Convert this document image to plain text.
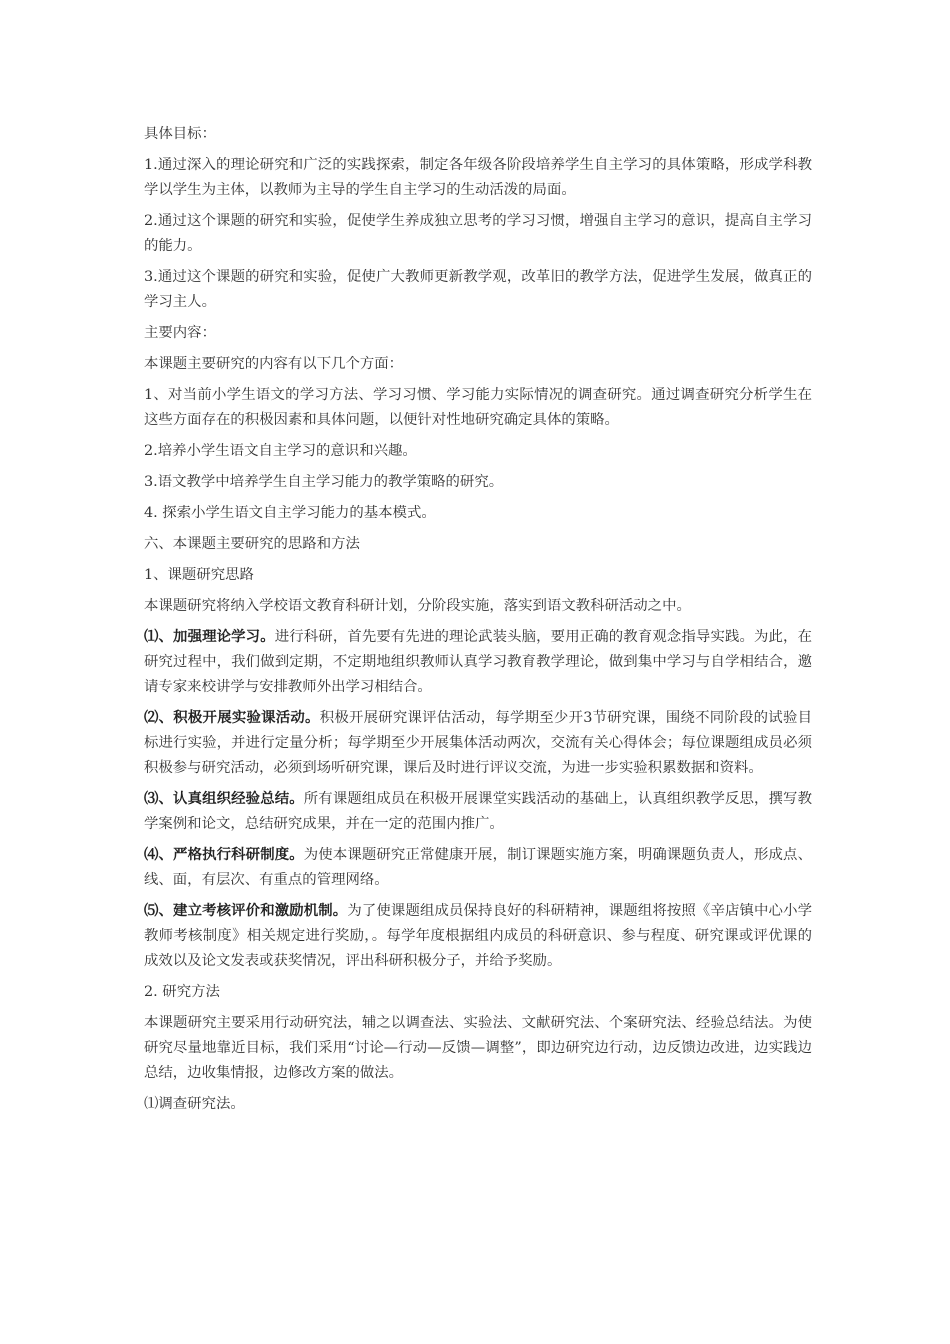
具体目标：

1.通过深入的理论研究和广泛的实践探索，制定各年级各阶段培养学生自主学习的具体策略，形成学科教学以学生为主体，以教师为主导的学生自主学习的生动活泼的局面。

2.通过这个课题的研究和实验，促使学生养成独立思考的学习习惯，增强自主学习的意识，提高自主学习的能力。

3.通过这个课题的研究和实验，促使广大教师更新教学观，改革旧的教学方法，促进学生发展，做真正的学习主人。

主要内容：

本课题主要研究的内容有以下几个方面：

1、对当前小学生语文的学习方法、学习习惯、学习能力实际情况的调查研究。通过调查研究分析学生在这些方面存在的积极因素和具体问题，以便针对性地研究确定具体的策略。

2.培养小学生语文自主学习的意识和兴趣。

3.语文教学中培养学生自主学习能力的教学策略的研究。

4. 探索小学生语文自主学习能力的基本模式。

六、本课题主要研究的思路和方法

1、课题研究思路

本课题研究将纳入学校语文教育科研计划，分阶段实施，落实到语文教科研活动之中。

⑴、加强理论学习。进行科研，首先要有先进的理论武装头脑，要用正确的教育观念指导实践。为此，在研究过程中，我们做到定期，不定期地组织教师认真学习教育教学理论，做到集中学习与自学相结合，邀请专家来校讲学与安排教师外出学习相结合。

⑵、积极开展实验课活动。积极开展研究课评估活动，每学期至少开3节研究课，围绕不同阶段的试验目标进行实验，并进行定量分析；每学期至少开展集体活动两次，交流有关心得体会；每位课题组成员必须积极参与研究活动，必须到场听研究课，课后及时进行评议交流，为进一步实验积累数据和资料。

⑶、认真组织经验总结。所有课题组成员在积极开展课堂实践活动的基础上，认真组织教学反思，撰写教学案例和论文，总结研究成果，并在一定的范围内推广。

⑷、严格执行科研制度。为使本课题研究正常健康开展，制订课题实施方案，明确课题负责人，形成点、线、面，有层次、有重点的管理网络。

⑸、建立考核评价和激励机制。为了使课题组成员保持良好的科研精神，课题组将按照《辛店镇中心小学教师考核制度》相关规定进行奖励，。每学年度根据组内成员的科研意识、参与程度、研究课或评优课的成效以及论文发表或获奖情况，评出科研积极分子，并给予奖励。

2. 研究方法

本课题研究主要采用行动研究法，辅之以调查法、实验法、文献研究法、个案研究法、经验总结法。为使研究尽量地靠近目标，我们采用“讨论—行动—反馈—调整”，即边研究边行动，边反馈边改进，边实践边总结，边收集情报，边修改方案的做法。

⑴调查研究法。
